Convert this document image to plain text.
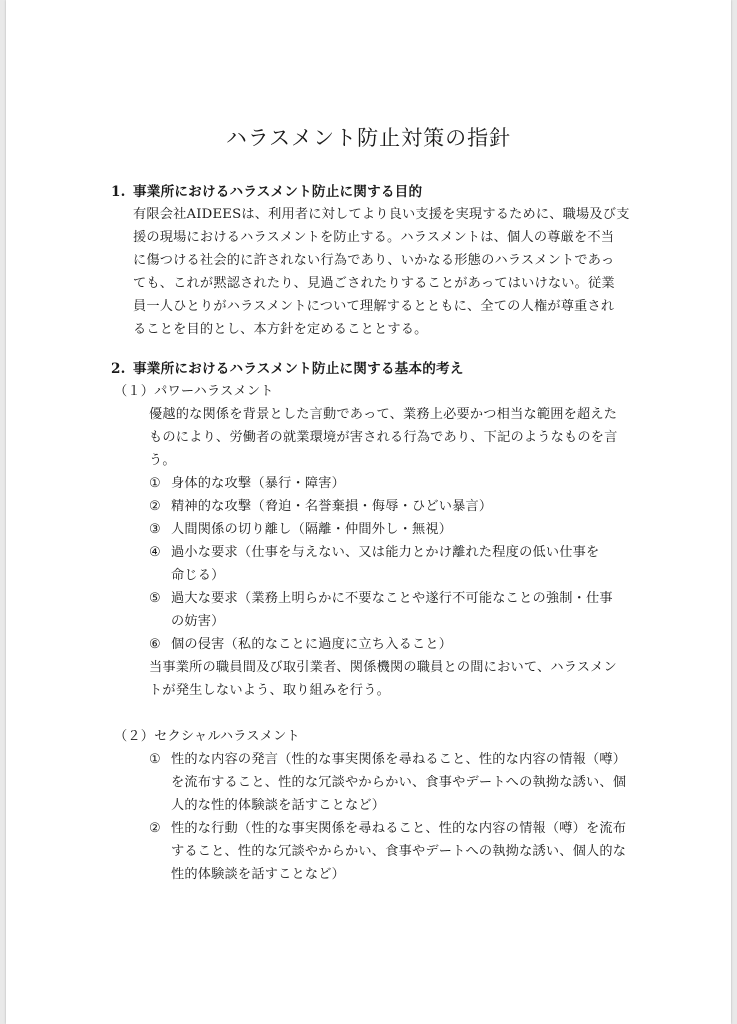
ハラスメント防止対策の指針
1. 事業所におけるハラスメント防止に関する目的
有限会社AIDEESは、利用者に対してより良い支援を実現するために、職場及び支
援の現場におけるハラスメントを防止する。ハラスメントは、個人の尊厳を不当
に傷つける社会的に許されない行為であり、いかなる形態のハラスメントであっ
ても、これが黙認されたり、見過ごされたりすることがあってはいけない。従業
員一人ひとりがハラスメントについて理解するとともに、全ての人権が尊重され
ることを目的とし、本方針を定めることとする。
2. 事業所におけるハラスメント防止に関する基本的考え
（１）パワーハラスメント
優越的な関係を背景とした言動であって、業務上必要かつ相当な範囲を超えた
ものにより、労働者の就業環境が害される行為であり、下記のようなものを言
う。
① 身体的な攻撃（暴行・障害）
② 精神的な攻撃（脅迫・名誉棄損・侮辱・ひどい暴言）
③ 人間関係の切り離し（隔離・仲間外し・無視）
④ 過小な要求（仕事を与えない、又は能力とかけ離れた程度の低い仕事を
命じる）
⑤ 過大な要求（業務上明らかに不要なことや遂行不可能なことの強制・仕事
の妨害）
⑥ 個の侵害（私的なことに過度に立ち入ること）
当事業所の職員間及び取引業者、関係機関の職員との間において、ハラスメン
トが発生しないよう、取り組みを行う。
（２）セクシャルハラスメント
① 性的な内容の発言（性的な事実関係を尋ねること、性的な内容の情報（噂）
を流布すること、性的な冗談やからかい、食事やデートへの執拗な誘い、個
人的な性的体験談を話すことなど）
② 性的な行動（性的な事実関係を尋ねること、性的な内容の情報（噂）を流布
すること、性的な冗談やからかい、食事やデートへの執拗な誘い、個人的な
性的体験談を話すことなど）
